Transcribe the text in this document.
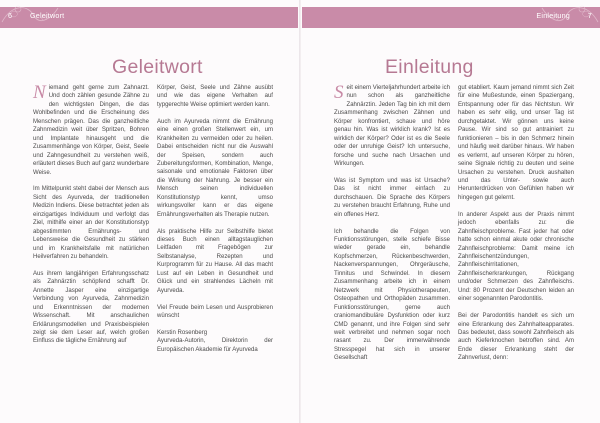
6 Geleitwort
Geleitwort

Niemand geht gerne zum Zahnarzt. Und doch zählen gesunde Zähne zu den wichtigsten Dingen, die das Wohlbefinden und die Erscheinung des Menschen prägen. Das die ganzheitliche Zahnmedizin weit über Spritzen, Bohren und Implantate hinausgeht und die Zusammenhänge von Körper, Geist, Seele und Zahngesundheit zu verstehen weiß, erläutert dieses Buch auf ganz wunderbare Weise.

Im Mittelpunkt steht dabei der Mensch aus Sicht des Ayurveda, der traditionellen Medizin Indiens. Diese betrachtet jeden als einzigartiges Individuum und verfolgt das Ziel, mithilfe einer an der Konstitutionstyp abgestimmten Ernährungs- und Lebensweise die Gesundheit zu stärken und im Krankheitsfalle mit natürlichen Heilverfahren zu behandeln.

Aus ihrem langjährigen Erfahrungsschatz als Zahnärztin schöpfend schafft Dr. Annette Jasper eine einzigartige Verbindung von Ayurveda, Zahnmedizin und Erkenntnissen der modernen Wissenschaft. Mit anschaulichen Erklärungsmodellen und Praxisbeispielen zeigt sie dem Leser auf, welch großen Einfluss die tägliche Ernährung auf

Körper, Geist, Seele und Zähne ausübt und wie das eigene Verhalten auf typgerechte Weise optimiert werden kann.

Auch im Ayurveda nimmt die Ernährung eine einen großen Stellenwert ein, um Krankheiten zu vermeiden oder zu heilen. Dabei entscheiden nicht nur die Auswahl der Speisen, sondern auch Zubereitungsformen, Kombination, Menge, saisonale und emotionale Faktoren über die Wirkung der Nahrung. Je besser ein Mensch seinen individuellen Konstitutionstyp kennt, umso wirkungsvoller kann er das eigene Ernährungsverhalten als Therapie nutzen.

Als praktische Hilfe zur Selbsthilfe bietet dieses Buch einen alltagstauglichen Leitfaden mit Fragebögen zur Selbstanalyse, Rezepten und Kurprogramm für zu Hause. All das macht Lust auf ein Leben in Gesundheit und Glück und ein strahlendes Lächeln mit Ayurveda.

Viel Freude beim Lesen und Ausprobieren wünscht

Kerstin Rosenberg
Ayurveda-Autorin, Direktorin der Europäischen Akademie für Ayurveda

Einleitung 7
Einleitung

Seit einem Vierteljahrhundert arbeite ich nun schon als ganzheitliche Zahnärztin. Jeden Tag bin ich mit dem Zusammenhang zwischen Zähnen und Körper konfrontiert, schaue und höre genau hin. Was ist wirklich krank? Ist es wirklich der Körper? Oder ist es die Seele oder der unruhige Geist? Ich untersuche, forsche und suche nach Ursachen und Wirkungen.

Was ist Symptom und was ist Ursache? Das ist nicht immer einfach zu durchschauen. Die Sprache des Körpers zu verstehen braucht Erfahrung, Ruhe und ein offenes Herz.

Ich behandle die Folgen von Funktionsstörungen, stelle schiefe Bisse wieder gerade ein, behandle Kopfschmerzen, Rückenbeschwerden, Nackenverspannungen, Ohrgeräusche, Tinnitus und Schwindel. In diesem Zusammenhang arbeite ich in einem Netzwerk mit Physiotherapeuten, Osteopathen und Orthopäden zusammen. Funktionsstörungen, gerne auch craniomandibuläre Dysfunktion oder kurz CMD genannt, und ihre Folgen sind sehr weit verbreitet und nehmen sogar noch rasant zu. Der immerwährende Stresspegel hat sich in unserer Gesellschaft

gut etabliert. Kaum jemand nimmt sich Zeit für eine Mußestunde, einen Spaziergang, Entspannung oder für das Nichtstun. Wir haben es sehr eilig, und unser Tag ist durchgetaktet. Wir gönnen uns keine Pause. Wir sind so gut antrainiert zu funktionieren – bis in den Schmerz hinein und häufig weit darüber hinaus. Wir haben es verlernt, auf unseren Körper zu hören, seine Signale richtig zu deuten und seine Ursachen zu verstehen. Druck aushalten und das Unter- sowie auch Herunterdrücken von Gefühlen haben wir hingegen gut gelernt.

In anderer Aspekt aus der Praxis nimmt jedoch ebenfalls zu: die Zahnfleischprobleme. Fast jeder hat oder hatte schon einmal akute oder chronische Zahnfleischprobleme: Damit meine ich Zahnfleischentzündungen, Zahnfleischirritationen, Zahnfleischerkrankungen, Rückgang und/oder Schmerzen des Zahnfleischs. Und: 80 Prozent der Deutschen leiden an einer sogenannten Parodontitis.

Bei der Parodontitis handelt es sich um eine Erkrankung des Zahnhalteapparates. Das bedeutet, dass sowohl Zahnfleisch als auch Kieferknochen betroffen sind. Am Ende dieser Erkrankung steht der Zahnverlust, denn:
